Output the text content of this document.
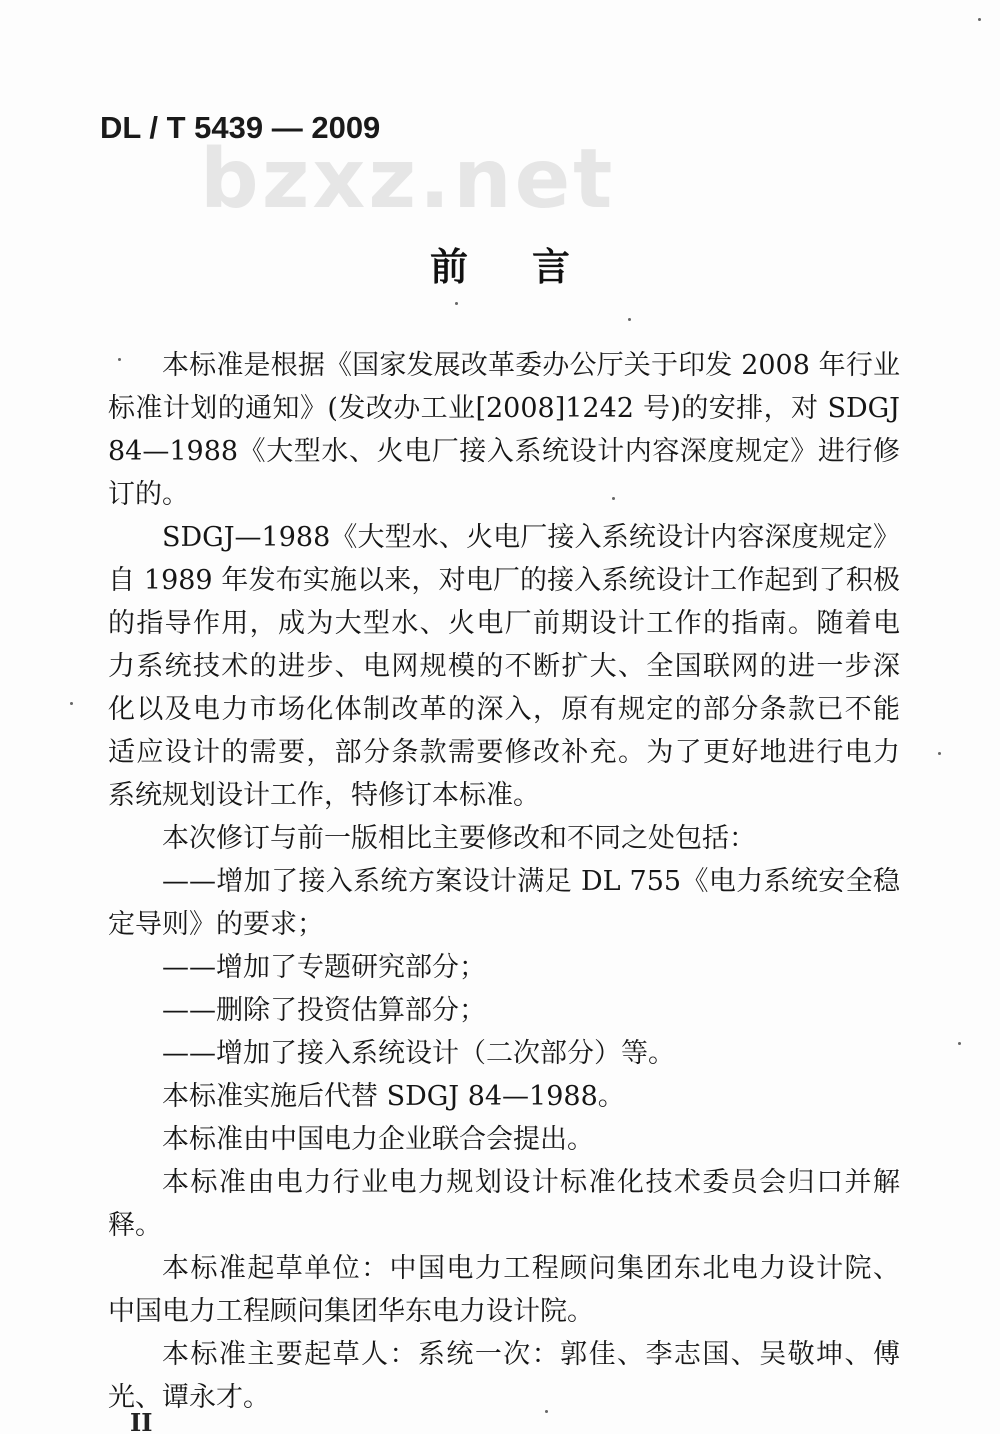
DL / T 5439 — 2009
bzxz.net
前言
本标准是根据《国家发展改革委办公厅关于印发 2008 年行业
标准计划的通知》(发改办工业[2008]1242 号)的安排，对 SDGJ
84—1988《大型水、火电厂接入系统设计内容深度规定》进行修
订的。
SDGJ—1988《大型水、火电厂接入系统设计内容深度规定》
自 1989 年发布实施以来，对电厂的接入系统设计工作起到了积极
的指导作用，成为大型水、火电厂前期设计工作的指南。随着电
力系统技术的进步、电网规模的不断扩大、全国联网的进一步深
化以及电力市场化体制改革的深入，原有规定的部分条款已不能
适应设计的需要，部分条款需要修改补充。为了更好地进行电力
系统规划设计工作，特修订本标准。
本次修订与前一版相比主要修改和不同之处包括：
——增加了接入系统方案设计满足 DL 755《电力系统安全稳
定导则》的要求；
——增加了专题研究部分；
——删除了投资估算部分；
——增加了接入系统设计（二次部分）等。
本标准实施后代替 SDGJ 84—1988。
本标准由中国电力企业联合会提出。
本标准由电力行业电力规划设计标准化技术委员会归口并解
释。
本标准起草单位：中国电力工程顾问集团东北电力设计院、
中国电力工程顾问集团华东电力设计院。
本标准主要起草人：系统一次：郭佳、李志国、吴敬坤、傅
光、谭永才。
II
